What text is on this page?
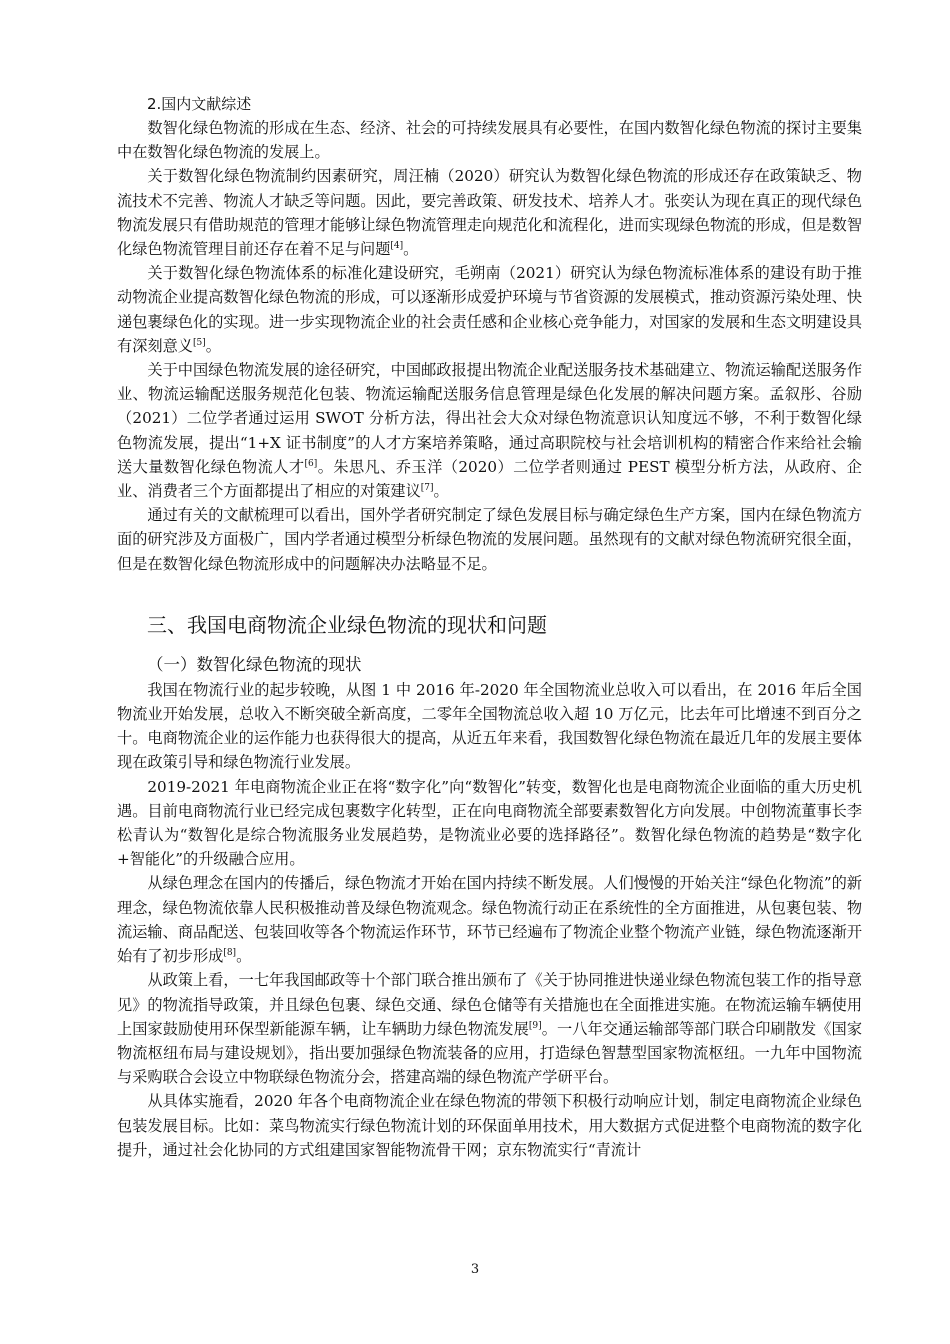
2.国内文献综述

数智化绿色物流的形成在生态、经济、社会的可持续发展具有必要性，在国内数智化绿色物流的探讨主要集中在数智化绿色物流的发展上。

关于数智化绿色物流制约因素研究，周汪楠（2020）研究认为数智化绿色物流的形成还存在政策缺乏、物流技术不完善、物流人才缺乏等问题。因此，要完善政策、研发技术、培养人才。张奕认为现在真正的现代绿色物流发展只有借助规范的管理才能够让绿色物流管理走向规范化和流程化，进而实现绿色物流的形成，但是数智化绿色物流管理目前还存在着不足与问题[4]。

关于数智化绿色物流体系的标准化建设研究，毛朔南（2021）研究认为绿色物流标准体系的建设有助于推动物流企业提高数智化绿色物流的形成，可以逐渐形成爱护环境与节省资源的发展模式，推动资源污染处理、快递包裹绿色化的实现。进一步实现物流企业的社会责任感和企业核心竞争能力，对国家的发展和生态文明建设具有深刻意义[5]。

关于中国绿色物流发展的途径研究，中国邮政报提出物流企业配送服务技术基础建立、物流运输配送服务作业、物流运输配送服务规范化包装、物流运输配送服务信息管理是绿色化发展的解决问题方案。孟叙彤、谷励（2021）二位学者通过运用 SWOT 分析方法，得出社会大众对绿色物流意识认知度远不够，不利于数智化绿色物流发展，提出“1+X 证书制度”的人才方案培养策略，通过高职院校与社会培训机构的精密合作来给社会输送大量数智化绿色物流人才[6]。朱思凡、乔玉洋（2020）二位学者则通过 PEST 模型分析方法，从政府、企业、消费者三个方面都提出了相应的对策建议[7]。

通过有关的文献梳理可以看出，国外学者研究制定了绿色发展目标与确定绿色生产方案，国内在绿色物流方面的研究涉及方面极广，国内学者通过模型分析绿色物流的发展问题。虽然现有的文献对绿色物流研究很全面，但是在数智化绿色物流形成中的问题解决办法略显不足。

三、我国电商物流企业绿色物流的现状和问题
（一）数智化绿色物流的现状

我国在物流行业的起步较晚，从图 1 中 2016 年-2020 年全国物流业总收入可以看出，在 2016 年后全国物流业开始发展，总收入不断突破全新高度，二零年全国物流总收入超 10 万亿元，比去年可比增速不到百分之十。电商物流企业的运作能力也获得很大的提高，从近五年来看，我国数智化绿色物流在最近几年的发展主要体现在政策引导和绿色物流行业发展。

2019-2021 年电商物流企业正在将“数字化”向“数智化”转变，数智化也是电商物流企业面临的重大历史机遇。目前电商物流行业已经完成包裹数字化转型，正在向电商物流全部要素数智化方向发展。中创物流董事长李松青认为“数智化是综合物流服务业发展趋势，是物流业必要的选择路径”。数智化绿色物流的趋势是“数字化+智能化”的升级融合应用。

从绿色理念在国内的传播后，绿色物流才开始在国内持续不断发展。人们慢慢的开始关注“绿色化物流”的新理念，绿色物流依靠人民积极推动普及绿色物流观念。绿色物流行动正在系统性的全方面推进，从包裹包装、物流运输、商品配送、包装回收等各个物流运作环节，环节已经遍布了物流企业整个物流产业链，绿色物流逐渐开始有了初步形成[8]。

从政策上看，一七年我国邮政等十个部门联合推出颁布了《关于协同推进快递业绿色物流包装工作的指导意见》的物流指导政策，并且绿色包裹、绿色交通、绿色仓储等有关措施也在全面推进实施。在物流运输车辆使用上国家鼓励使用环保型新能源车辆，让车辆助力绿色物流发展[9]。一八年交通运输部等部门联合印刷散发《国家物流枢纽布局与建设规划》，指出要加强绿色物流装备的应用，打造绿色智慧型国家物流枢纽。一九年中国物流与采购联合会设立中物联绿色物流分会，搭建高端的绿色物流产学研平台。

从具体实施看，2020 年各个电商物流企业在绿色物流的带领下积极行动响应计划，制定电商物流企业绿色包装发展目标。比如：菜鸟物流实行绿色物流计划的环保面单用技术，用大数据方式促进整个电商物流的数字化提升，通过社会化协同的方式组建国家智能物流骨干网；京东物流实行“青流计

3
